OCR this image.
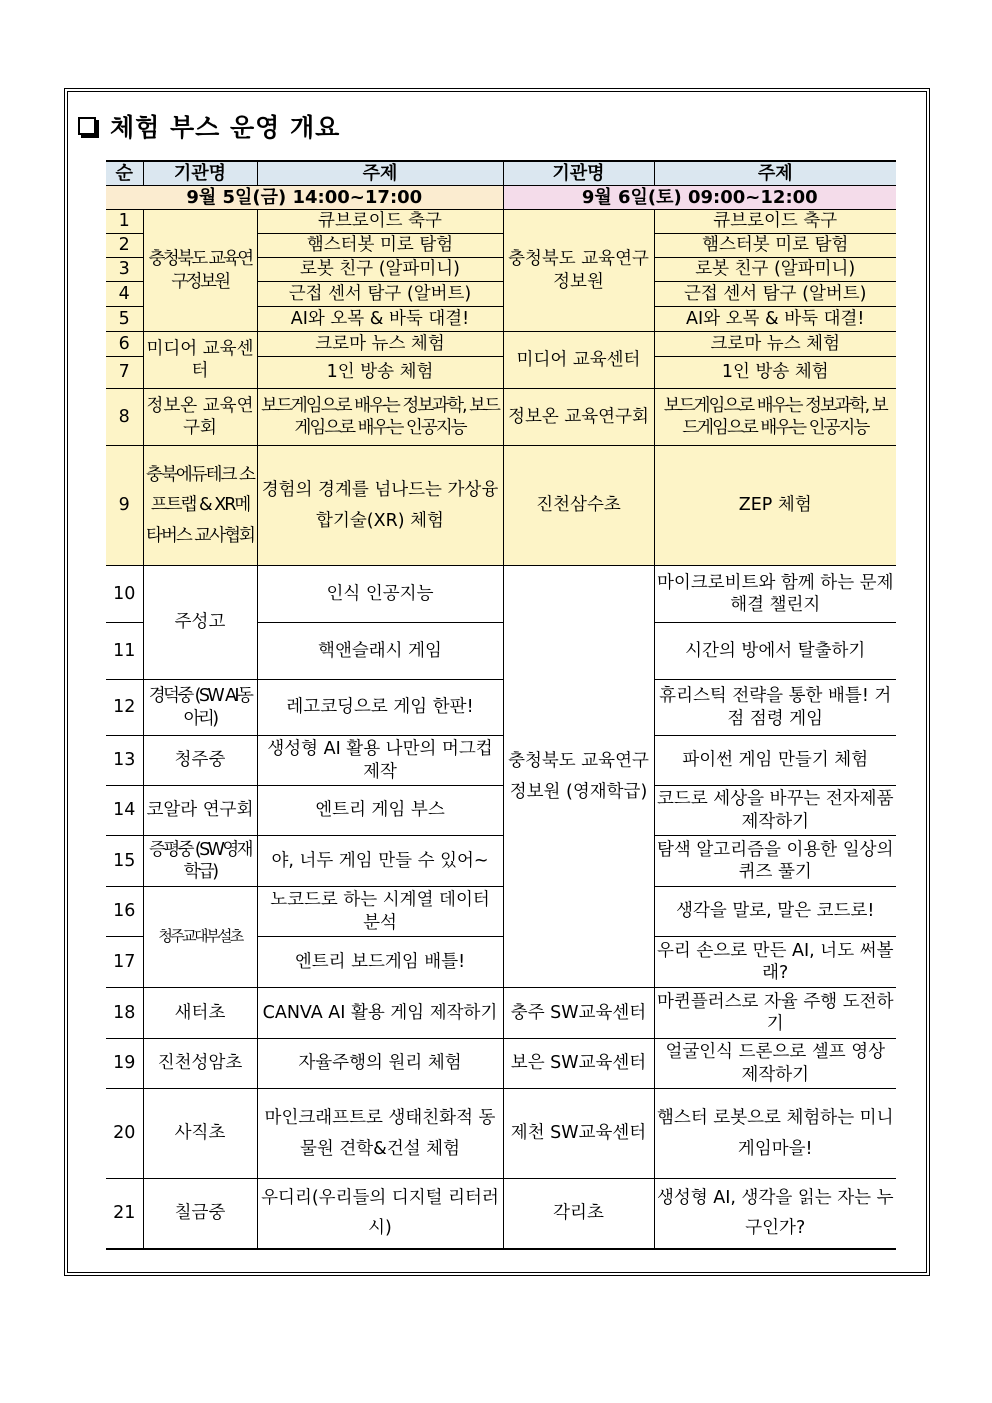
체험 부스 운영 개요
순	기관명	주제	기관명	주제
9월 5일(금) 14:00~17:00			9월 6일(토) 09:00~12:00	
1	충청북도 교육연구정보원	큐브로이드 축구	충청북도 교육연구정보원	큐브로이드 축구
2		햄스터봇 미로 탐험		햄스터봇 미로 탐험
3		로봇 친구 (알파미니)		로봇 친구 (알파미니)
4		근접 센서 탐구 (알버트)		근접 센서 탐구 (알버트)
5		AI와 오목 & 바둑 대결!		AI와 오목 & 바둑 대결!
6	미디어 교육센터	크로마 뉴스 체험	미디어 교육센터	크로마 뉴스 체험
7		1인 방송 체험		1인 방송 체험
8	정보온 교육연구회	보드게임으로 배우는 정보과학, 보드게임으로 배우는 인공지능	정보온 교육연구회	보드게임으로 배우는 정보과학, 보드게임으로 배우는 인공지능
9	충북에듀테크 소프트랩 & XR메타버스 교사협회	경험의 경계를 넘나드는 가상융합기술(XR) 체험	진천삼수초	ZEP 체험
10	주성고	인식 인공지능	충청북도 교육연구정보원 (영재학급)	마이크로비트와 함께 하는 문제 해결 챌린지
11		핵앤슬래시 게임		시간의 방에서 탈출하기
12	경덕중 (SW AI동아리)	레고코딩으로 게임 한판!		휴리스틱 전략을 통한 배틀! 거점 점령 게임
13	청주중	생성형 AI 활용 나만의 머그컵 제작		파이썬 게임 만들기 체험
14	코알라 연구회	엔트리 게임 부스		코드로 세상을 바꾸는 전자제품 제작하기
15	증평중 (SW영재학급)	야, 너두 게임 만들 수 있어~		탐색 알고리즘을 이용한 일상의 퀴즈 풀기
16	청주교대부설초	노코드로 하는 시계열 데이터 분석		생각을 말로, 말은 코드로!
17		엔트리 보드게임 배틀!		우리 손으로 만든 AI, 너도 써볼래?
18	새터초	CANVA AI 활용 게임 제작하기	충주 SW교육센터	마퀸플러스로 자율 주행 도전하기
19	진천성암초	자율주행의 원리 체험	보은 SW교육센터	얼굴인식 드론으로 셀프 영상 제작하기
20	사직초	마인크래프트로 생태친화적 동물원 견학&건설 체험	제천 SW교육센터	햄스터 로봇으로 체험하는 미니게임마을!
21	칠금중	우디리(우리들의 디지털 리터러시)	각리초	생성형 AI, 생각을 읽는 자는 누구인가?
